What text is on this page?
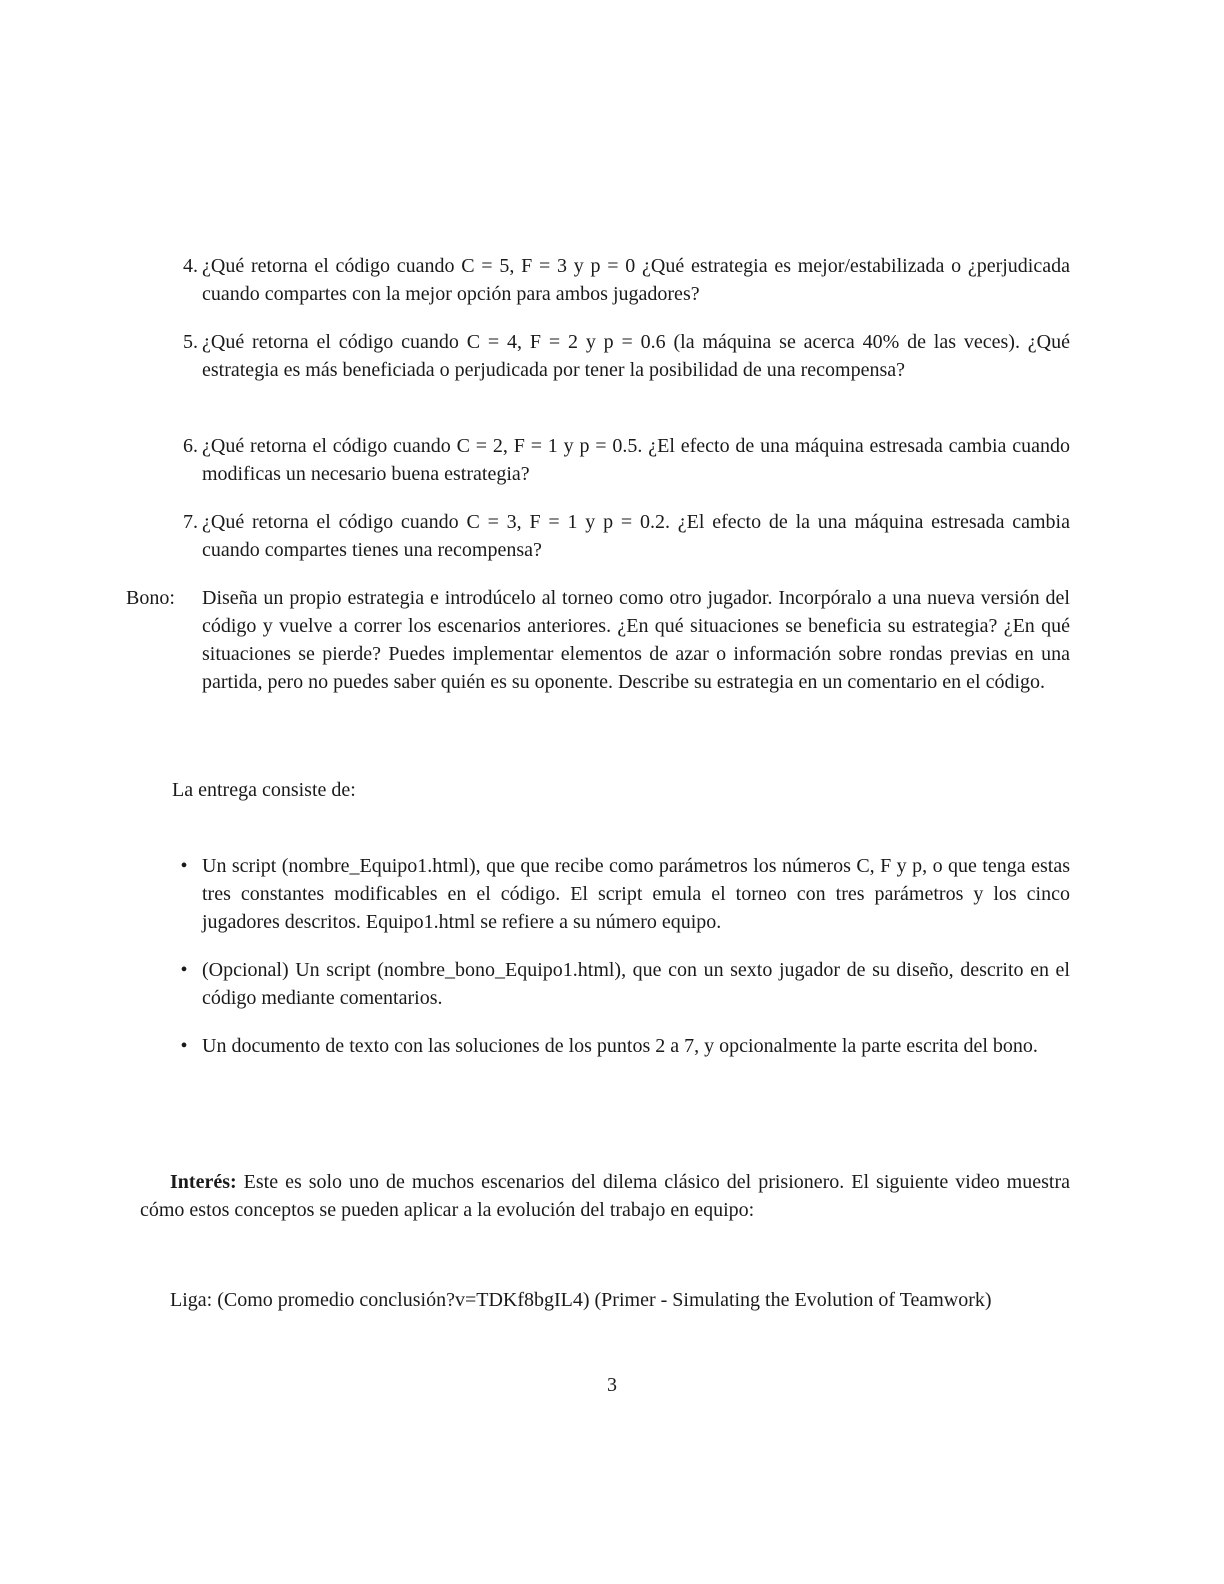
4. ¿Qué retorna el código cuando C = 5, F = 3 y p = 0 ¿Qué estrategia es mejor/estabilizada o ¿perjudicada cuando compartes con la mejor opción para ambos jugadores?
5. ¿Qué retorna el código cuando C = 4, F = 2 y p = 0.6 (la máquina se acerca 40% de las veces). ¿Qué estrategia es más beneficiada o perjudicada por tener la posibilidad de una recompensa?
6. ¿Qué retorna el código cuando C = 2, F = 1 y p = 0.5. ¿El efecto de una máquina estresada cambia cuando modificas un necesario buena estrategia?
7. ¿Qué retorna el código cuando C = 3, F = 1 y p = 0.2. ¿El efecto de la una máquina estresada cambia cuando compartes tienes una recompensa?
Bono:	Diseña un propio estrategia e introdúcelo al torneo como otro jugador. Incorpóralo a una nueva versión del código y vuelve a correr los escenarios anteriores. ¿En qué situaciones se beneficia su estrategia? ¿En qué situaciones se pierde? Puedes implementar elementos de azar o información sobre rondas previas en una partida, pero no puedes saber quién es su oponente. Describe su estrategia en un comentario en el código.
La entrega consiste de:
• Un script (nombre_Equipo1.html), que que recibe como parámetros los números C, F y p, o que tenga estas tres constantes modificables en el código. El script emula el torneo con tres parámetros y los cinco jugadores descritos. Equipo1.html se refiere a su número equipo.
• (Opcional) Un script (nombre_bono_Equipo1.html), que con un sexto jugador de su diseño, descrito en el código mediante comentarios.
• Un documento de texto con las soluciones de los puntos 2 a 7, y opcionalmente la parte escrita del bono.
Interés: Este es solo uno de muchos escenarios del dilema clásico del prisionero. El siguiente video muestra cómo estos conceptos se pueden aplicar a la evolución del trabajo en equipo:
Liga: (Como promedio conclusión?v=TDKf8bgIL4) (Primer - Simulating the Evolution of Teamwork)
3
